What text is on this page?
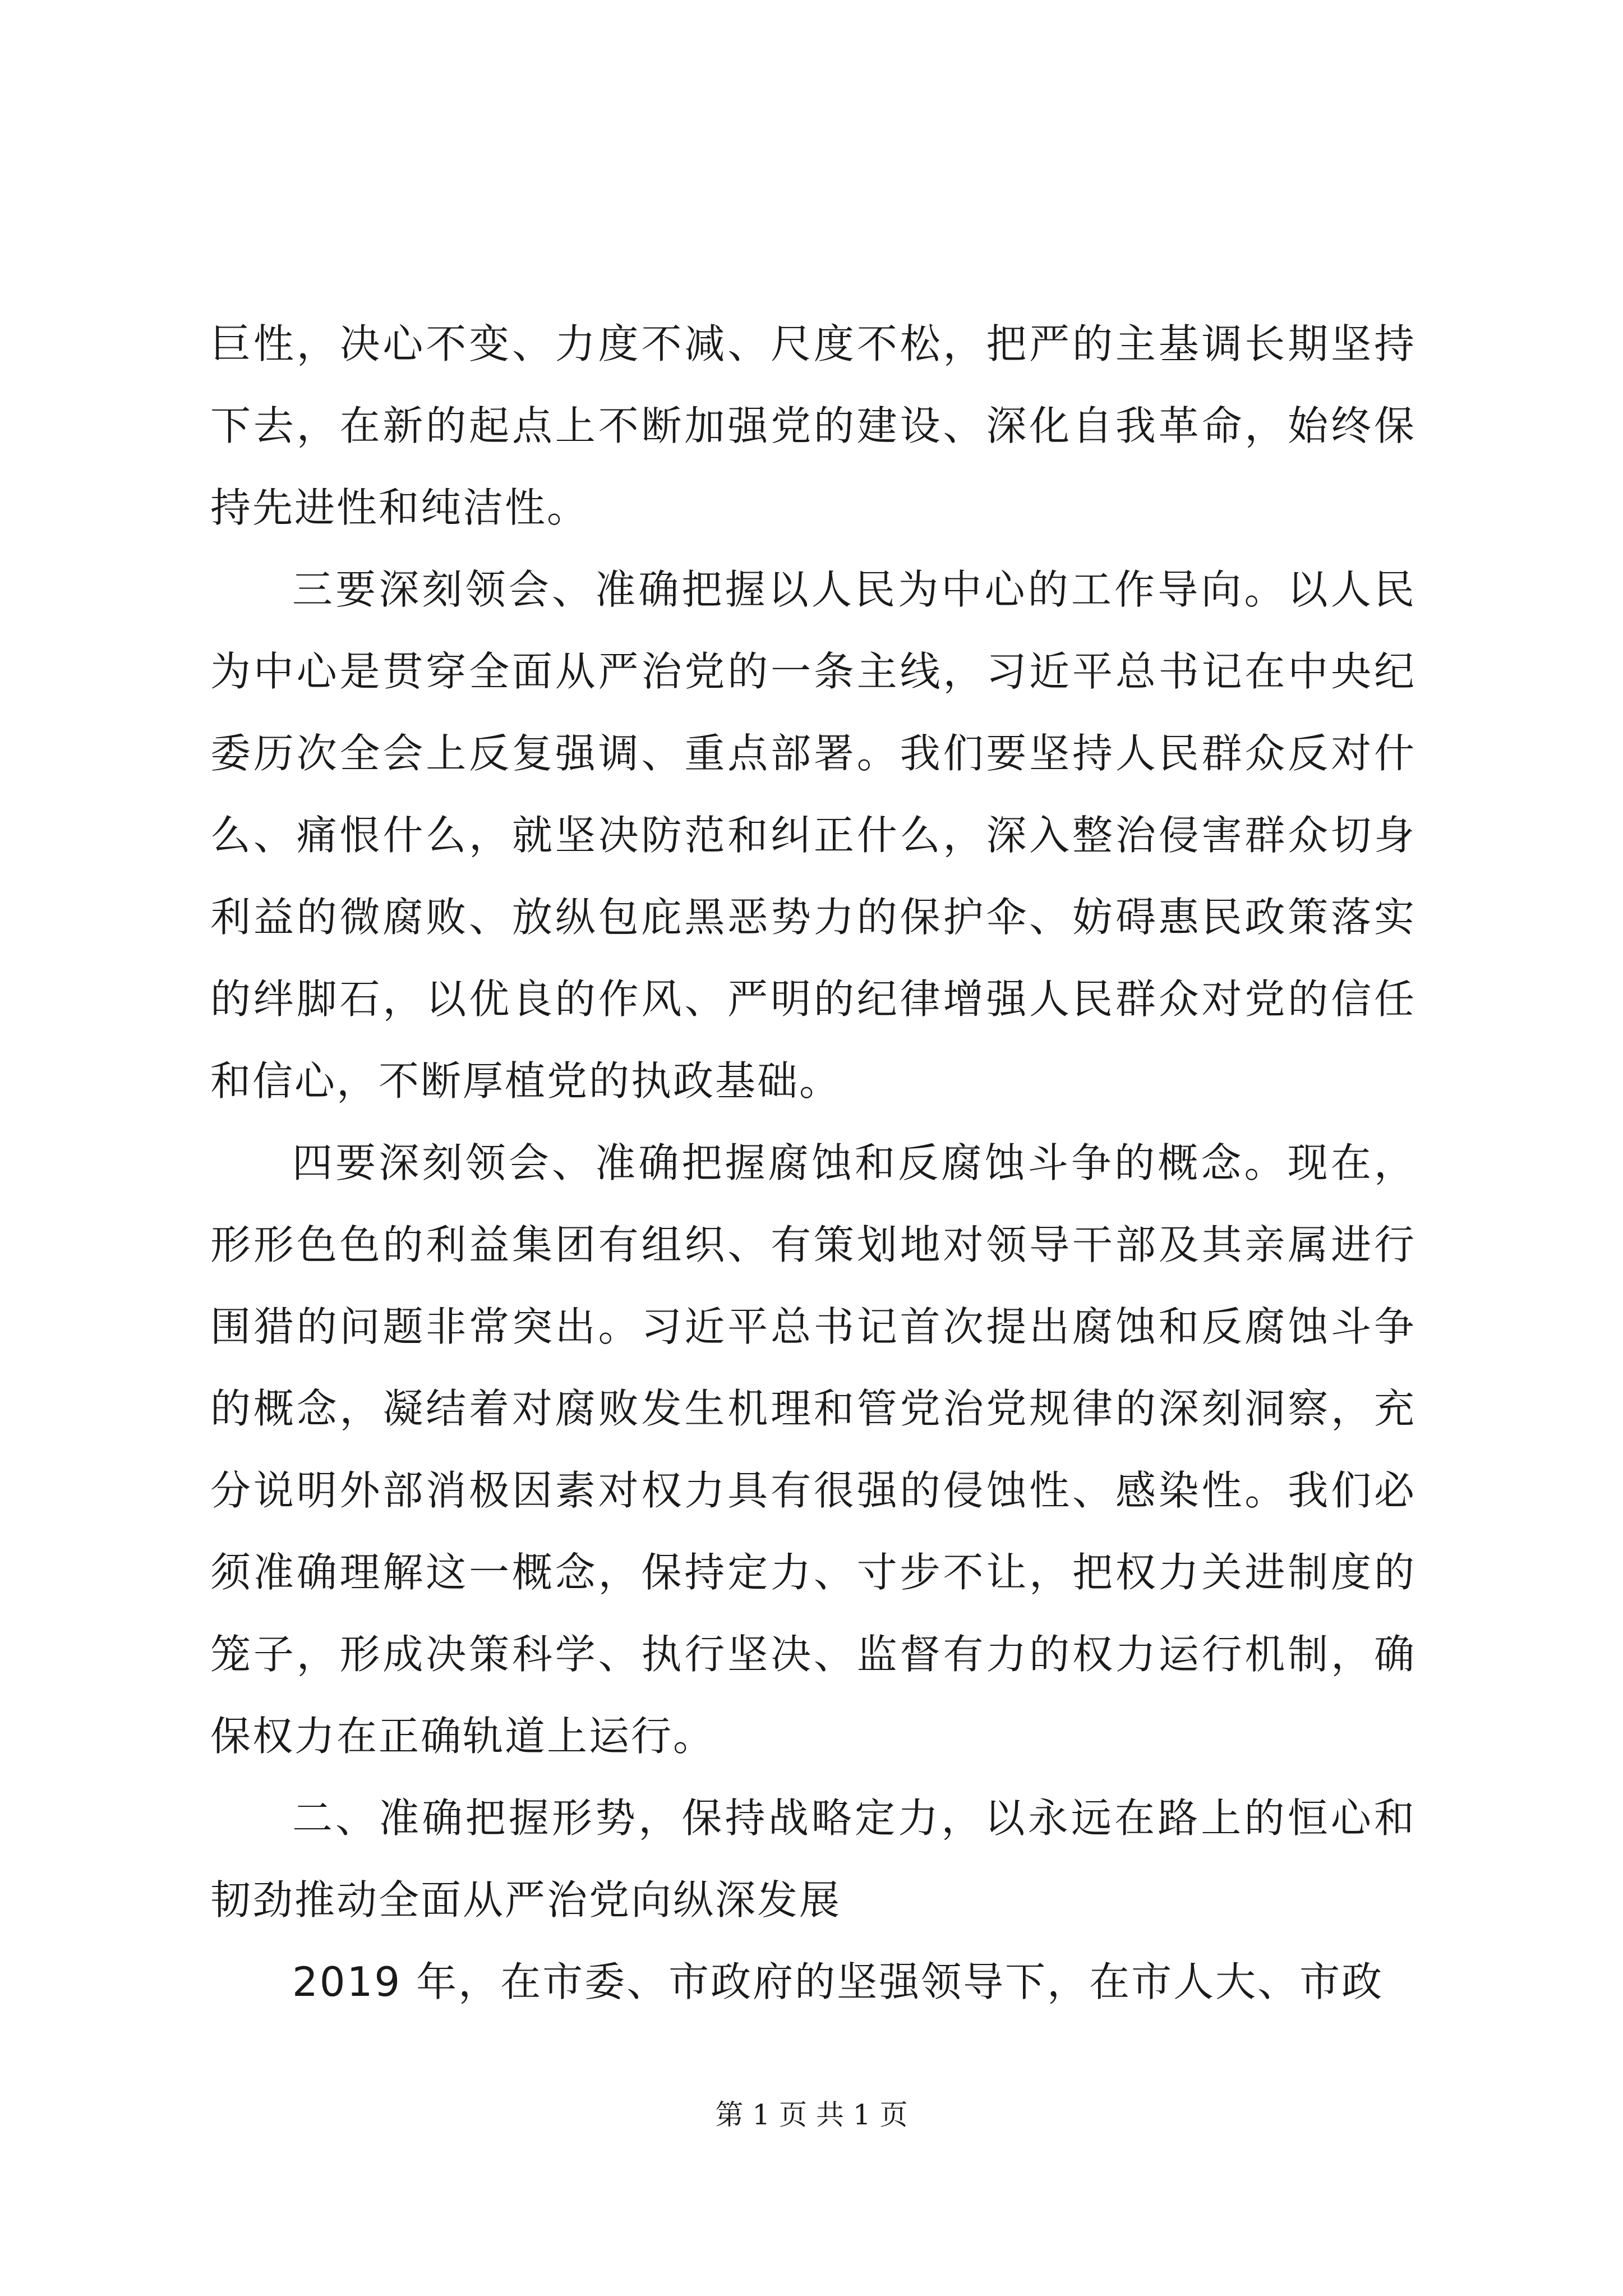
巨性，决心不变、力度不减、尺度不松，把严的主基调长期坚持下去，在新的起点上不断加强党的建设、深化自我革命，始终保持先进性和纯洁性。

三要深刻领会、准确把握以人民为中心的工作导向。以人民为中心是贯穿全面从严治党的一条主线，习近平总书记在中央纪委历次全会上反复强调、重点部署。我们要坚持人民群众反对什么、痛恨什么，就坚决防范和纠正什么，深入整治侵害群众切身利益的微腐败、放纵包庇黑恶势力的保护伞、妨碍惠民政策落实的绊脚石，以优良的作风、严明的纪律增强人民群众对党的信任和信心，不断厚植党的执政基础。

四要深刻领会、准确把握腐蚀和反腐蚀斗争的概念。现在，形形色色的利益集团有组织、有策划地对领导干部及其亲属进行围猎的问题非常突出。习近平总书记首次提出腐蚀和反腐蚀斗争的概念，凝结着对腐败发生机理和管党治党规律的深刻洞察，充分说明外部消极因素对权力具有很强的侵蚀性、感染性。我们必须准确理解这一概念，保持定力、寸步不让，把权力关进制度的笼子，形成决策科学、执行坚决、监督有力的权力运行机制，确保权力在正确轨道上运行。

二、准确把握形势，保持战略定力，以永远在路上的恒心和韧劲推动全面从严治党向纵深发展

2019 年，在市委、市政府的坚强领导下，在市人大、市政

第 1 页 共 1 页
